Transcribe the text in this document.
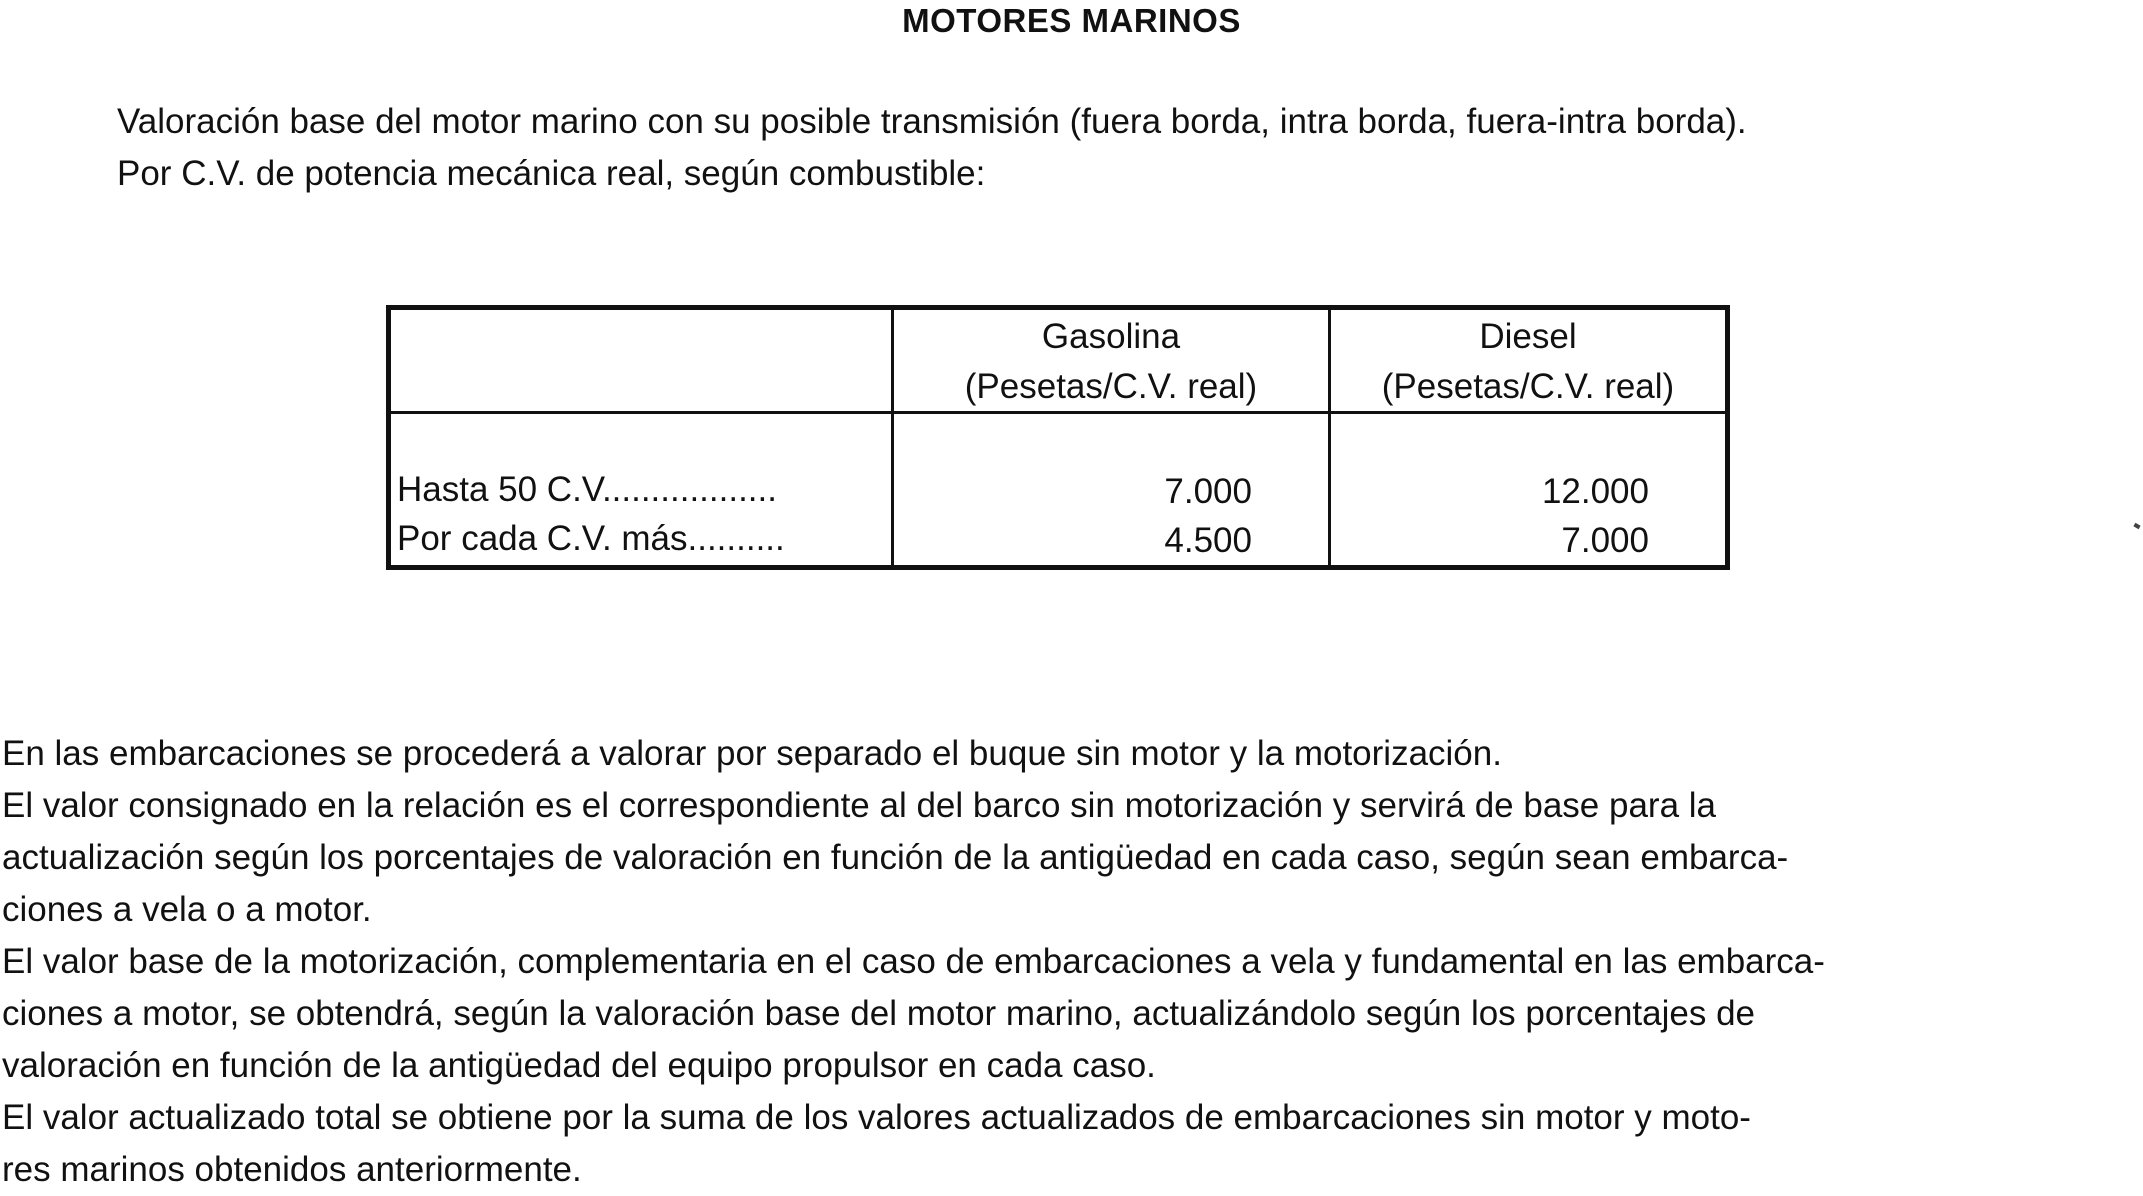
MOTORES MARINOS

Valoración base del motor marino con su posible transmisión (fuera borda, intra borda, fuera-intra borda).

Por C.V. de potencia mecánica real, según combustible:

Hasta 50 C.V..................
Por cada C.V. más..........
Gasolina
(Pesetas/C.V. real)
7.000
4.500
Diesel
(Pesetas/C.V. real)
12.000
7.000

En las embarcaciones se procederá a valorar por separado el buque sin motor y la motorización.

El valor consignado en la relación es el correspondiente al del barco sin motorización y servirá de base para la
actualización según los porcentajes de valoración en función de la antigüedad en cada caso, según sean embarca-
ciones a vela o a motor.

El valor base de la motorización, complementaria en el caso de embarcaciones a vela y fundamental en las embarca-
ciones a motor, se obtendrá, según la valoración base del motor marino, actualizándolo según los porcentajes de
valoración en función de la antigüedad del equipo propulsor en cada caso.

El valor actualizado total se obtiene por la suma de los valores actualizados de embarcaciones sin motor y moto-
res marinos obtenidos anteriormente.
